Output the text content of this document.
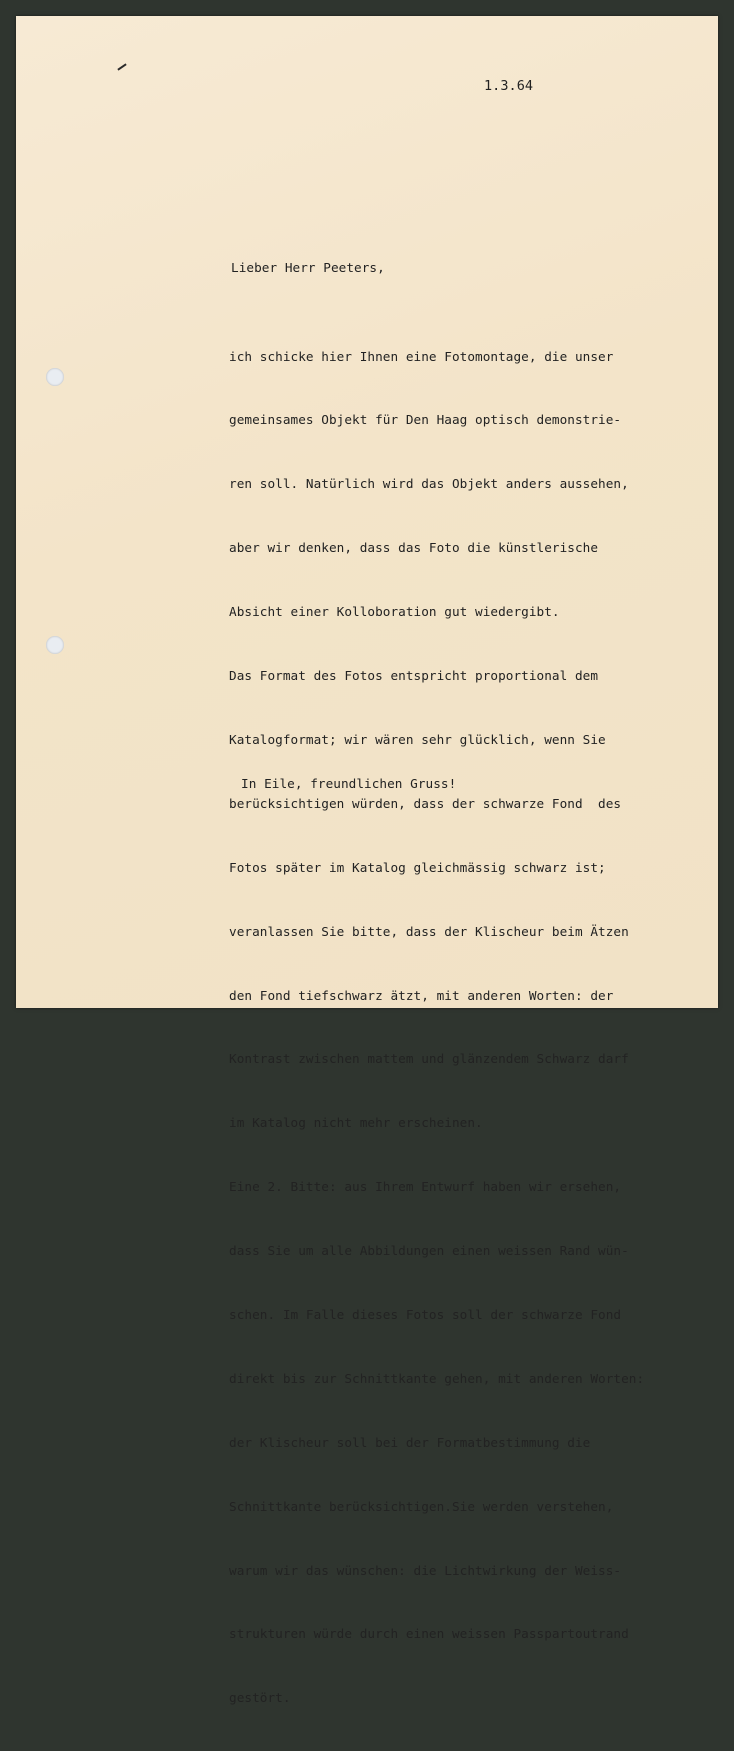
1.3.64
Lieber Herr Peeters,

ich schicke hier Ihnen eine Fotomontage, die unser

gemeinsames Objekt für Den Haag optisch demonstrie-

ren soll. Natürlich wird das Objekt anders aussehen,

aber wir denken, dass das Foto die künstlerische

Absicht einer Kolloboration gut wiedergibt.

Das Format des Fotos entspricht proportional dem

Katalogformat; wir wären sehr glücklich, wenn Sie

berücksichtigen würden, dass der schwarze Fond  des

Fotos später im Katalog gleichmässig schwarz ist;

veranlassen Sie bitte, dass der Klischeur beim Ätzen

den Fond tiefschwarz ätzt, mit anderen Worten: der

Kontrast zwischen mattem und glänzendem Schwarz darf

im Katalog nicht mehr erscheinen.

Eine 2. Bitte: aus Ihrem Entwurf haben wir ersehen,

dass Sie um alle Abbildungen einen weissen Rand wün-

schen. Im Falle dieses Fotos soll der schwarze Fond

direkt bis zur Schnittkante gehen, mit anderen Worten:

der Klischeur soll bei der Formatbestimmung die

Schnittkante berücksichtigen.Sie werden verstehen,

warum wir das wünschen: die Lichtwirkung der Weiss-

strukturen würde durch einen weissen Passpartoutrand

gestört.

In Eile, freundlichen Gruss!
